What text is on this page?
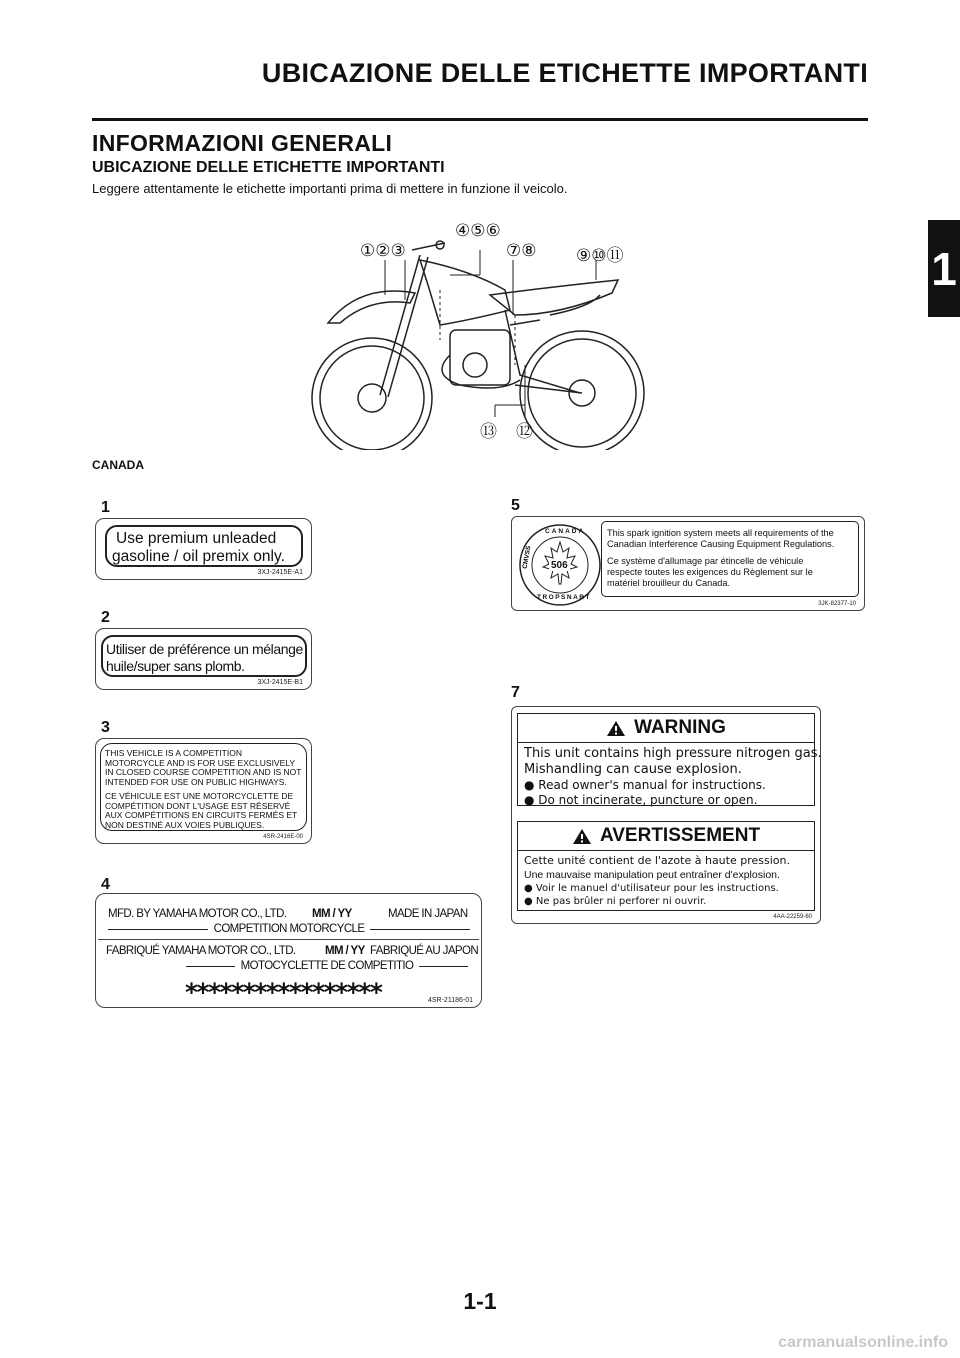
UBICAZIONE DELLE ETICHETTE IMPORTANTI
1
INFORMAZIONI GENERALI
UBICAZIONE DELLE ETICHETTE IMPORTANTI
Leggere attentamente le etichette importanti prima di mettere in funzione il veicolo.
①②③
④⑤⑥
⑦⑧ ⑨⑩⑪
⑬ ⑫
CANADA
1
Use premium unleaded
gasoline / oil premix only.
3XJ-2415E-A1
2
Utiliser de préférence un mélange
huile/super sans plomb.
3XJ-2415E-B1
3
THIS VEHICLE IS A COMPETITION
MOTORCYCLE AND IS FOR USE EXCLUSIVELY
IN CLOSED COURSE COMPETITION AND IS NOT
INTENDED FOR USE ON PUBLIC HIGHWAYS.
CE VÉHICULE EST UNE MOTORCYCLETTE DE
COMPÉTITION DONT L'USAGE EST RÉSERVÉ
AUX COMPÉTITIONS EN CIRCUITS FERMÉS ET
NON DESTINÉ AUX VOIES PUBLIQUES.
4SR-2416E-00
4
MFD. BY YAMAHA MOTOR CO., LTD. MM / YY	MADE IN JAPAN
COMPETITION MOTORCYCLE
FABRIQUÉ YAMAHA MOTOR CO., LTD.	MM / YY FABRIQUÉ AU JAPON
MOTOCYCLETTE DE COMPETITIO
*****************	4SR-21186-01
5
CMVSS 506
CANADA
TROPSNART
This spark ignition system meets all requirements of the
Canadian Interference Causing Equipment Regulations.
Ce système d'allumage par étincelle de véhicule
respecte toutes les exigences du Règlement sur le
matériel brouilleur du Canada.
3JK-82377-10
7
WARNING
This unit contains high pressure nitrogen gas.
Mishandling can cause explosion.
● Read owner's manual for instructions.
● Do not incinerate, puncture or open.
AVERTISSEMENT
Cette unité contient de l'azote à haute pression.
Une mauvaise manipulation peut entraîner d'explosion.
● Voir le manuel d'utilisateur pour les instructions.
● Ne pas brûler ni perforer ni ouvrir.
4AA-22259-60
1-1
carmanualsonline.info
